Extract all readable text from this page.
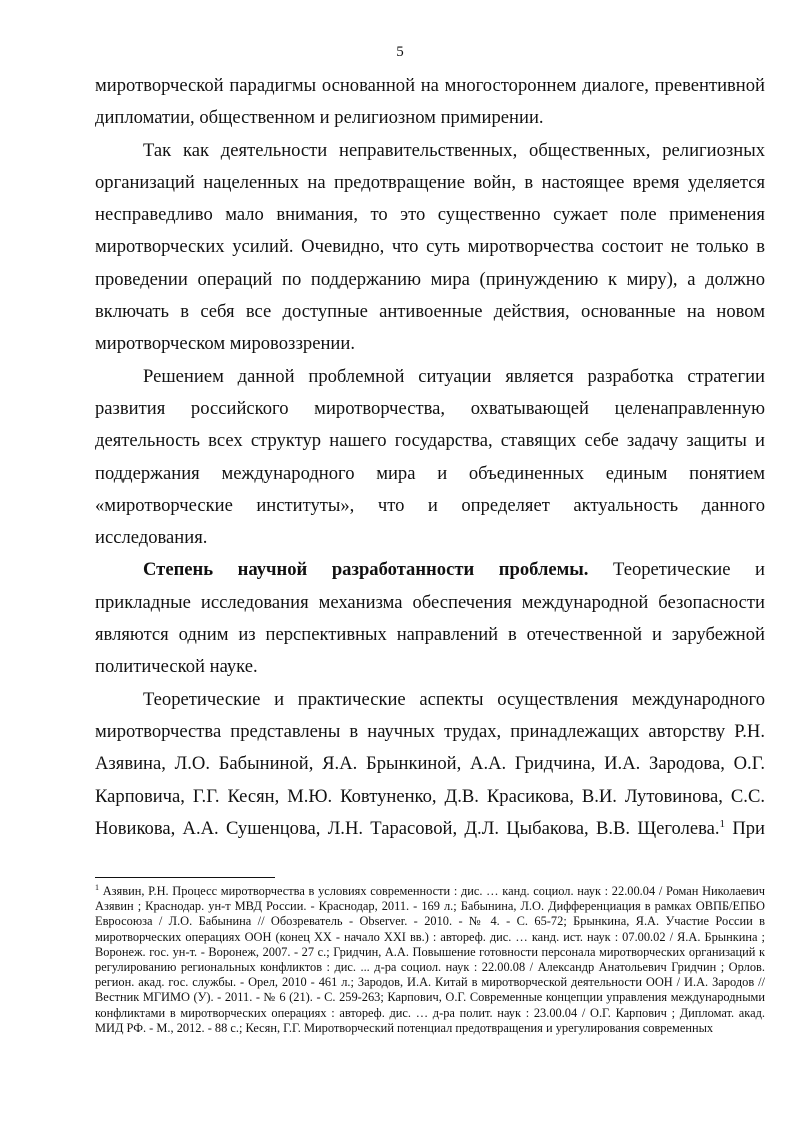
5

миротворческой парадигмы основанной на многостороннем диалоге, превентивной дипломатии, общественном и религиозном примирении.

Так как деятельности неправительственных, общественных, религиозных организаций нацеленных на предотвращение войн, в настоящее время уделяется несправедливо мало внимания, то это существенно сужает поле применения миротворческих усилий. Очевидно, что суть миротворчества состоит не только в проведении операций по поддержанию мира (принуждению к миру), а должно включать в себя все доступные антивоенные действия, основанные на новом миротворческом мировоззрении.

Решением данной проблемной ситуации является разработка стратегии развития российского миротворчества, охватывающей целенаправленную деятельность всех структур нашего государства, ставящих себе задачу защиты и поддержания международного мира и объединенных единым понятием «миротворческие институты», что и определяет актуальность данного исследования.

Степень научной разработанности проблемы. Теоретические и прикладные исследования механизма обеспечения международной безопасности являются одним из перспективных направлений в отечественной и зарубежной политической науке.

Теоретические и практические аспекты осуществления международного миротворчества представлены в научных трудах, принадлежащих авторству Р.Н. Азявина, Л.О. Бабыниной, Я.А. Брынкиной, А.А. Гридчина, И.А. Зародова, О.Г. Карповича, Г.Г. Кесян, М.Ю. Ковтуненко, Д.В. Красикова, В.И. Лутовинова, С.С. Новикова, А.А. Сушенцова, Л.Н. Тарасовой, Д.Л. Цыбакова, В.В. Щеголева.$^1$ При

$^1$ Азявин, Р.Н. Процесс миротворчества в условиях современности : дис. … канд. социол. наук : 22.00.04 / Роман Николаевич Азявин ; Краснодар. ун-т МВД России. - Краснодар, 2011. - 169 л.; Бабынина, Л.О. Дифференциация в рамках ОВПБ/ЕПБО Евросоюза / Л.О. Бабынина // Обозреватель - Observer. - 2010. - № 4. - С. 65-72; Брынкина, Я.А. Участие России в миротворческих операциях ООН (конец XX - начало XXI вв.) : автореф. дис. … канд. ист. наук : 07.00.02 / Я.А. Брынкина ; Воронеж. гос. ун-т. - Воронеж, 2007. - 27 с.; Гридчин, А.А. Повышение готовности персонала миротворческих организаций к регулированию региональных конфликтов : дис. ... д-ра социол. наук : 22.00.08 / Александр Анатольевич Гридчин ; Орлов. регион. акад. гос. службы. - Орел, 2010 - 461 л.; Зародов, И.А. Китай в миротворческой деятельности ООН / И.А. Зародов // Вестник МГИМО (У). - 2011. - № 6 (21). - С. 259-263; Карпович, О.Г. Современные концепции управления международными конфликтами в миротворческих операциях : автореф. дис. … д-ра полит. наук : 23.00.04 / О.Г. Карпович ; Дипломат. акад. МИД РФ. - М., 2012. - 88 с.; Кесян, Г.Г. Миротворческий потенциал предотвращения и урегулирования современных
